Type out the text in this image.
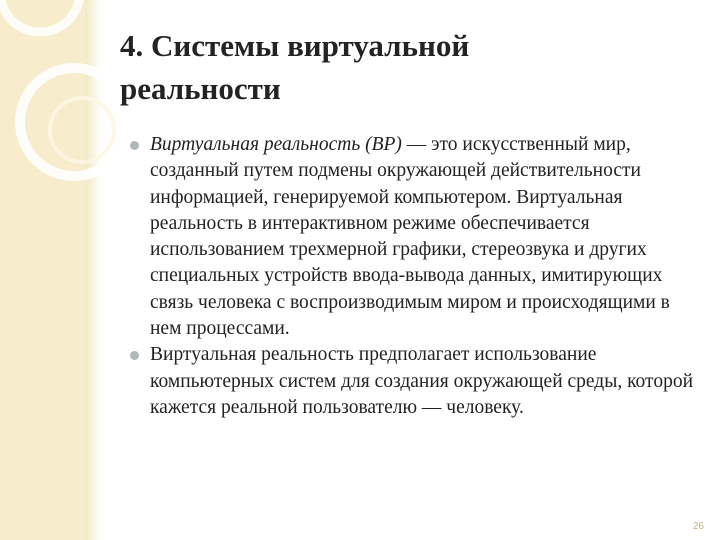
4. Системы виртуальной
реальности
Виртуальная реальность (ВР) — это искусственный мир, созданный путем подмены окружающей действительности информацией, генерируемой компьютером. Виртуальная реальность в интерактивном режиме обеспечивается использованием трехмерной графики, стереозвука и других специальных устройств ввода-вывода данных, имитирующих связь человека с воспроизводимым миром и происходящими в нем процессами.
Виртуальная реальность предполагает использование компьютерных систем для создания окружающей среды, которой кажется реальной пользователю — человеку.
26
